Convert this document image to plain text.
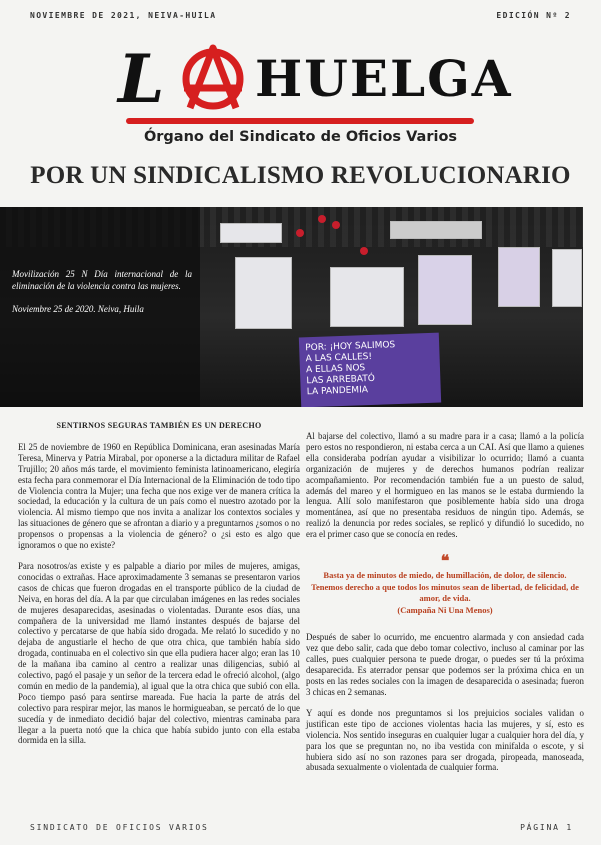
NOVIEMBRE DE 2021, NEIVA-HUILA	EDICIÓN Nº 2
L HUELGA
Órgano del Sindicato de Oficios Varios
POR UN SINDICALISMO REVOLUCIONARIO
POR: ¡HOY SALIMOS
A LAS CALLES!
A ELLAS NOS
LAS ARREBATÓ
LA PANDEMIA

Movilización 25 N Día internacional de la eliminación de la violencia contra las mujeres.

Noviembre 25 de 2020. Neiva, Huila

SENTIRNOS SEGURAS TAMBIÉN ES UN DERECHO

El 25 de noviembre de 1960 en República Dominicana, eran asesinadas María Teresa, Minerva y Patria Mirabal, por oponerse a la dictadura militar de Rafael Trujillo; 20 años más tarde, el movimiento feminista latinoamericano, elegiría esta fecha para conmemorar el Día Internacional de la Eliminación de todo tipo de Violencia contra la Mujer; una fecha que nos exige ver de manera crítica la sociedad, la educación y la cultura de un país como el nuestro azotado por la violencia. Al mismo tiempo que nos invita a analizar los contextos sociales y las situaciones de género que se afrontan a diario y a preguntarnos ¿somos o no propensos o propensas a la violencia de género? o ¿si esto es algo que ignoramos o que no existe?

Para nosotros/as existe y es palpable a diario por miles de mujeres, amigas, conocidas o extrañas. Hace aproximadamente 3 semanas se presentaron varios casos de chicas que fueron drogadas en el transporte público de la ciudad de Neiva, en horas del día. A la par que circulaban imágenes en las redes sociales de mujeres desaparecidas, asesinadas o violentadas. Durante esos días, una compañera de la universidad me llamó instantes después de bajarse del colectivo y percatarse de que había sido drogada. Me relató lo sucedido y no dejaba de angustiarle el hecho de que otra chica, que también había sido drogada, continuaba en el colectivo sin que ella pudiera hacer algo; eran las 10 de la mañana iba camino al centro a realizar unas diligencias, subió al colectivo, pagó el pasaje y un señor de la tercera edad le ofreció alcohol, (algo común en medio de la pandemia), al igual que la otra chica que subió con ella. Poco tiempo pasó para sentirse mareada. Fue hacia la parte de atrás del colectivo para respirar mejor, las manos le hormigueaban, se percató de lo que sucedía y de inmediato decidió bajar del colectivo, mientras caminaba para llegar a la puerta notó que la chica que había subido junto con ella estaba dormida en la silla.

Al bajarse del colectivo, llamó a su madre para ir a casa; llamó a la policía pero estos no respondieron, ni estaba cerca a un CAI. Así que llamo a quienes ella consideraba podrían ayudar a visibilizar lo ocurrido; llamó a cuanta organización de mujeres y de derechos humanos podrían realizar acompañamiento. Por recomendación también fue a un puesto de salud, además del mareo y el hormigueo en las manos se le estaba durmiendo la lengua. Allí solo manifestaron que posiblemente había sido una droga momentánea, así que no presentaba residuos de ningún tipo. Además, se realizó la denuncia por redes sociales, se replicó y difundió lo sucedido, no era el primer caso que se conocía en redes.

❝
Basta ya de minutos de miedo, de humillación, de dolor, de silencio. Tenemos derecho a que todos los minutos sean de libertad, de felicidad, de amor, de vida.
(Campaña Ni Una Menos)

Después de saber lo ocurrido, me encuentro alarmada y con ansiedad cada vez que debo salir, cada que debo tomar colectivo, incluso al caminar por las calles, pues cualquier persona te puede drogar, o puedes ser tú la próxima desaparecida. Es aterrador pensar que podemos ser la próxima chica en un posts en las redes sociales con la imagen de desaparecida o asesinada; fueron 3 chicas en 2 semanas.

Y aquí es donde nos preguntamos si los prejuicios sociales validan o justifican este tipo de acciones violentas hacia las mujeres, y sí, esto es violencia. Nos sentido inseguras en cualquier lugar a cualquier hora del día, y para los que se preguntan no, no iba vestida con minifalda o escote, y si hubiera sido así no son razones para ser drogada, piropeada, manoseada, abusada sexualmente o violentada de cualquier forma.

SINDICATO DE OFICIOS VARIOS	PÁGINA 1
